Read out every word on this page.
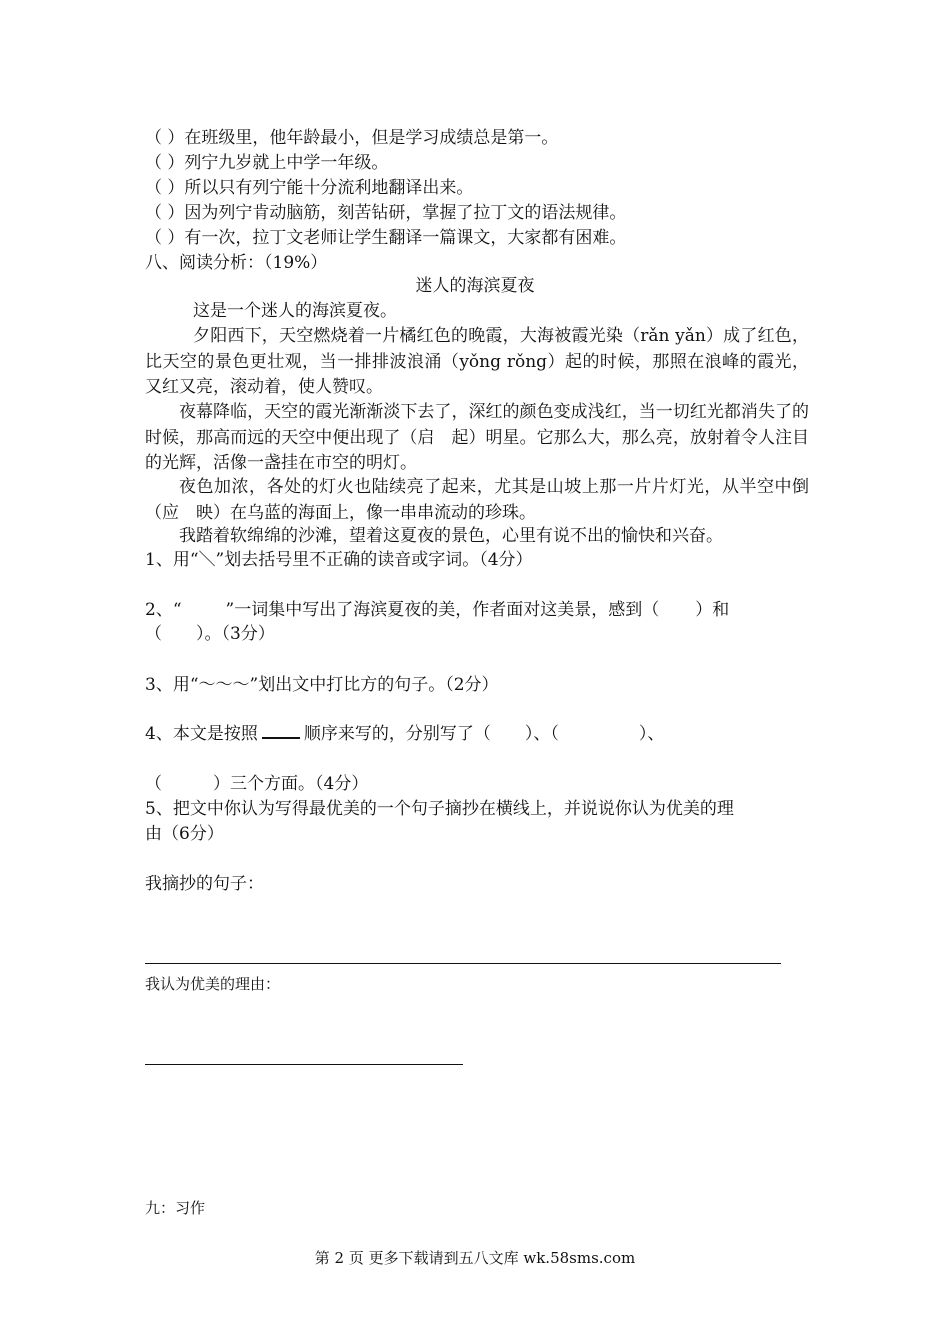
（ ）在班级里，他年龄最小，但是学习成绩总是第一。
（ ）列宁九岁就上中学一年级。
（ ）所以只有列宁能十分流利地翻译出来。
（ ）因为列宁肯动脑筋，刻苦钻研，掌握了拉丁文的语法规律。
（ ）有一次，拉丁文老师让学生翻译一篇课文，大家都有困难。
八、阅读分析：（19%）
迷人的海滨夏夜
这是一个迷人的海滨夏夜。
夕阳西下，天空燃烧着一片橘红色的晚霞，大海被霞光染（rǎn yǎn）成了红色，比天空的景色更壮观，当一排排波浪涌（yǒng rǒng）起的时候，那照在浪峰的霞光，又红又亮，滚动着，使人赞叹。
夜幕降临，天空的霞光渐渐淡下去了，深红的颜色变成浅红，当一切红光都消失了的时候，那高而远的天空中便出现了（启　起）明星。它那么大，那么亮，放射着令人注目的光辉，活像一盏挂在市空的明灯。
夜色加浓，各处的灯火也陆续亮了起来，尤其是山坡上那一片片灯光，从半空中倒（应　映）在乌蓝的海面上，像一串串流动的珍珠。
我踏着软绵绵的沙滩，望着这夏夜的景色，心里有说不出的愉快和兴奋。
1、用“＼”划去括号里不正确的读音或字词。（4分）
2、“	”一词集中写出了海滨夏夜的美，作者面对这美景，感到（ ）和
（　　）。（3分）
3、用“～～～”划出文中打比方的句子。（2分）
4、本文是按照	顺序来写的，分别写了（ ）、（	）、
（　　　）三个方面。（4分）
5、把文中你认为写得最优美的一个句子摘抄在横线上，并说说你认为优美的理
由（6分）
我摘抄的句子：
我认为优美的理由：
九：习作
第 2 页 更多下载请到五八文库 wk.58sms.com
